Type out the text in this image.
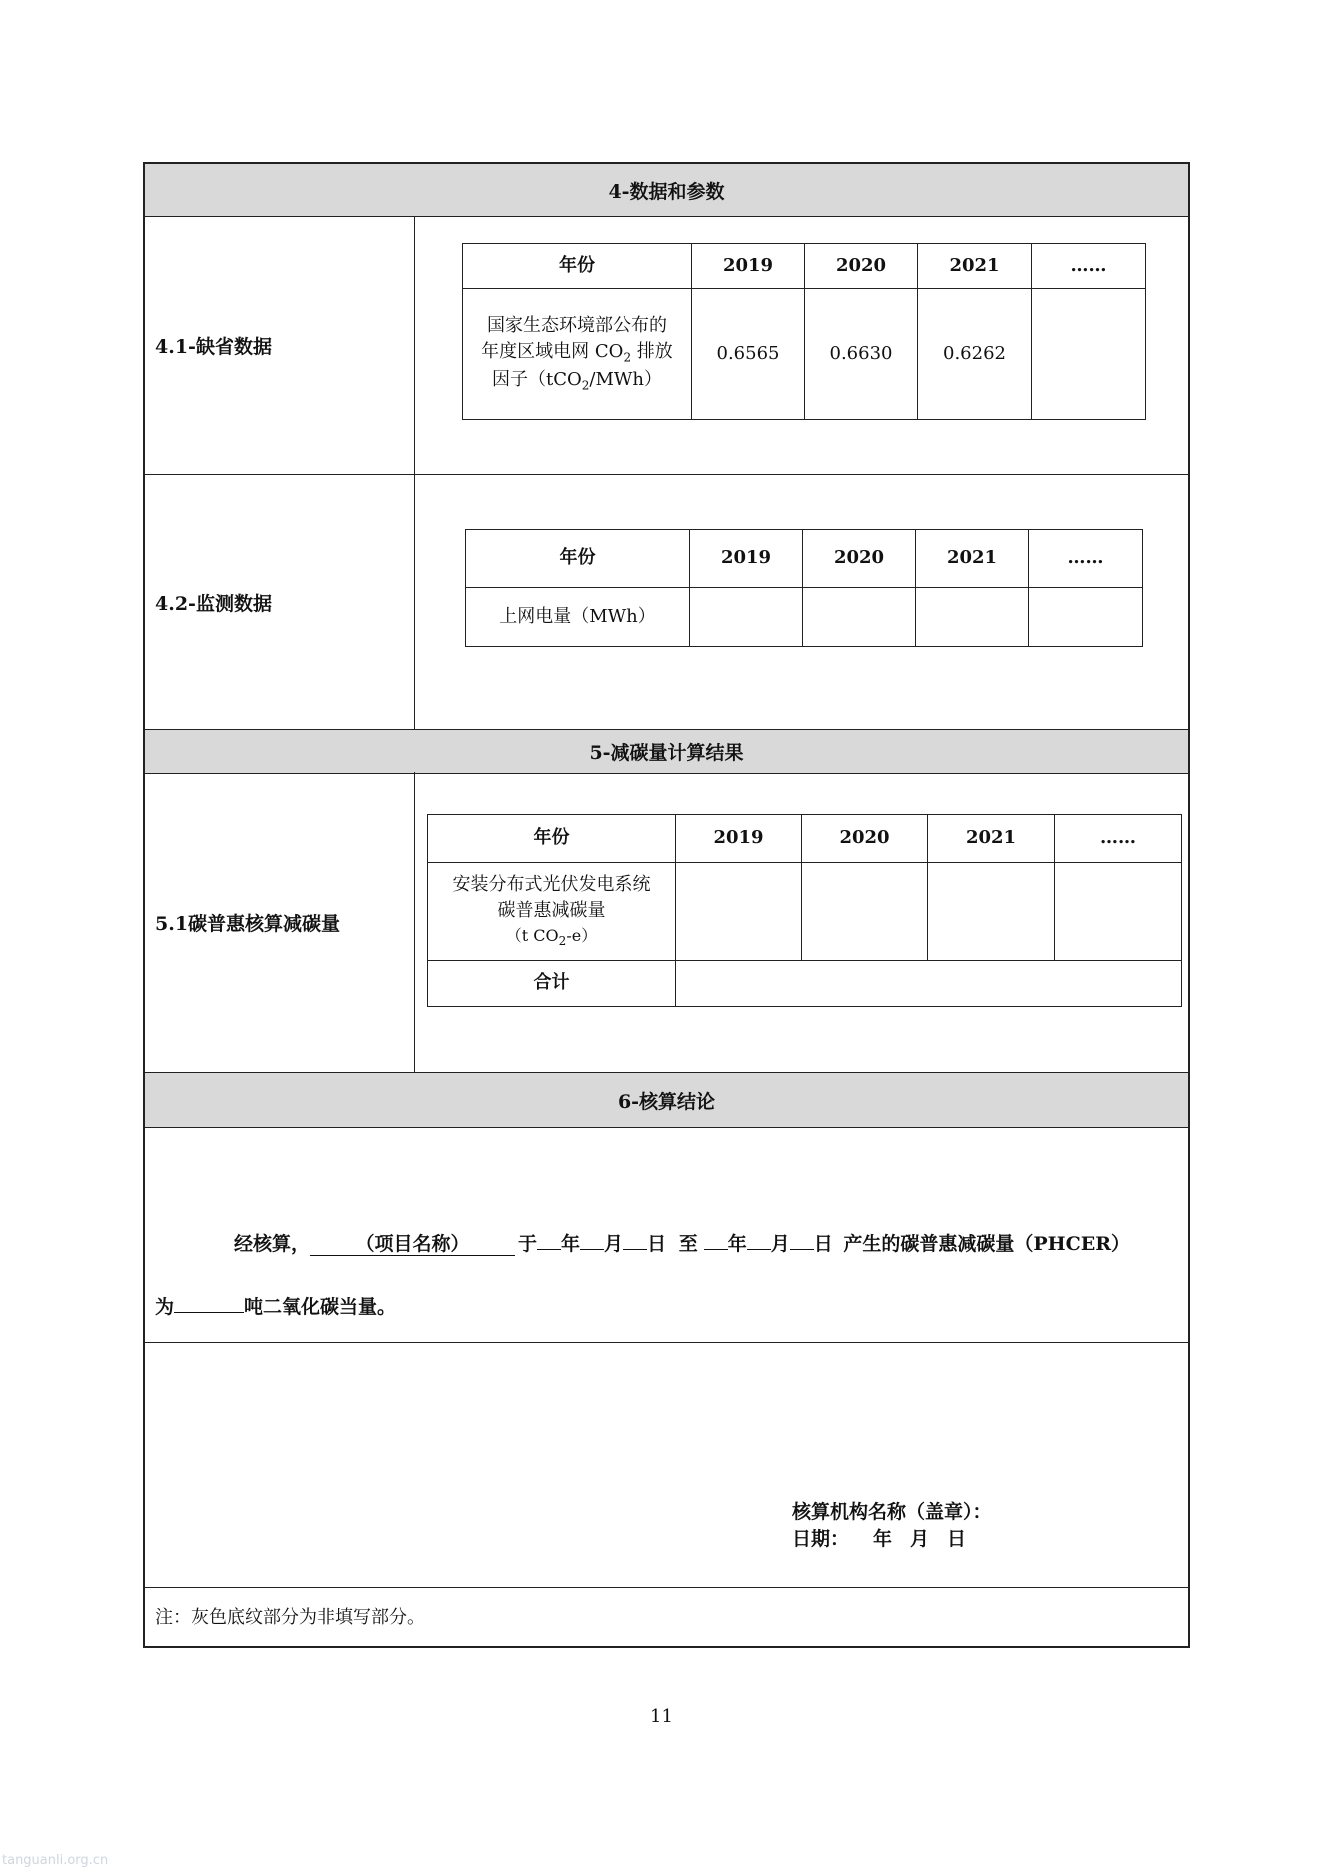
4-数据和参数
4.1-缺省数据
年份	2019	2020	2021	……

国家生态环境部公布的
年度区域电网 $CO_2$ 排放
因子（tCO$_2$/MWh）	0.6565	0.6630	0.6262	
4.2-监测数据
年份	2019	2020	2021	……
上网电量（MWh）				
5-减碳量计算结果
5.1碳普惠核算减碳量
年份	2019	2020	2021	……

安装分布式光伏发电系统
碳普惠减碳量
（t $CO_2-e$）				

合计				
6-核算结论
经核算， （项目名称）	于 年 月 日 至 年 月 日 产生的碳普惠减碳量（PHCER）
为	吨二氧化碳当量。
核算机构名称（盖章）：
日期： 年 月 日
注：灰色底纹部分为非填写部分。
11
tanguanli.org.cn
